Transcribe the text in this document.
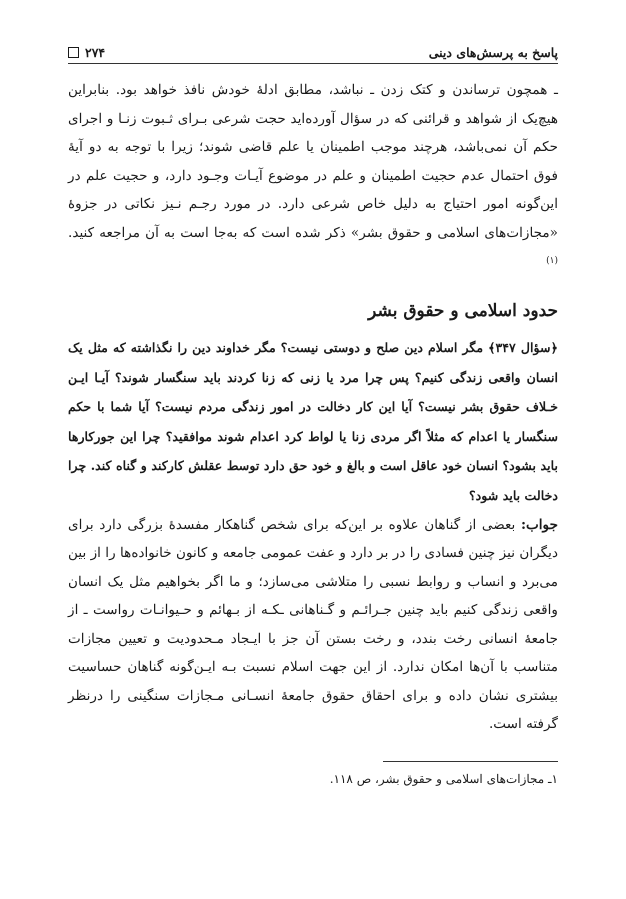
پاسخ به پرسش‌های دینی
۲۷۴

ـ همچون ترساندن و کتک زدن ـ نباشد، مطابق ادلهٔ خودش نافذ خواهد بود. بنابراین هیچ‌یک از شواهد و قرائنی که در سؤال آورده‌اید حجت شرعی بـرای ثـبوت زنـا و اجرای حکم آن نمی‌باشد، هرچند موجب اطمینان یا علم قاضی شوند؛ زیرا با توجه به دو آیهٔ فوق احتمال عدم حجیت اطمینان و علم در موضوع آیـات وجـود دارد، و حجیت علم در این‌گونه امور احتیاج به دلیل خاص شرعی دارد. در مورد رجـم نـیز نکاتی در جزوهٔ «مجازات‌های اسلامی و حقوق بشر» ذکر شده است که به‌جا است به آن مراجعه کنید.$^{(۱)}$

حدود اسلامی و حقوق بشر

﴿سؤال ۳۴۷﴾ مگر اسلام دین صلح و دوستی نیست؟ مگر خداوند دین را نگذاشته که مثل یک انسان واقعی زندگی کنیم؟ پس چرا مرد یا زنی که زنا کردند باید سنگسار شوند؟ آیـا ایـن خـلاف حقوق بشر نیست؟ آیا این کار دخالت در امور زندگی مردم نیست؟ آیا شما با حکم سنگسار یا اعدام که مثلاً اگر مردی زنا یا لواط کرد اعدام شوند موافقید؟ چرا این جورکارها باید بشود؟ انسان خود عاقل است و بالغ و خود حق دارد توسط عقلش کارکند و گناه کند. چرا دخالت باید شود؟

جواب: بعضی از گناهان علاوه بر این‌که برای شخص گناهکار مفسدهٔ بزرگی دارد برای دیگران نیز چنین فسادی را در بر دارد و عفت عمومی جامعه و کانون خانواده‌ها را از بین می‌برد و انساب و روابط نسبی را متلاشی می‌سازد؛ و ما اگر بخواهیم مثل یک انسان واقعی زندگی کنیم باید چنین جـرائـم و گـناهانی ـکـه از بـهائم و حـیوانـات رواست ـ از جامعهٔ انسانی رخت بندد، و رخت بستن آن جز با ایـجاد مـحدودیت و تعیین مجازات متناسب با آن‌ها امکان ندارد. از این جهت اسلام نسبت بـه ایـن‌گونه گناهان حساسیت بیشتری نشان داده و برای احقاق حقوق جامعهٔ انسـانی مـجازات سنگینی را درنظر گرفته است.

۱ـ مجازات‌های اسلامی و حقوق بشر، ص ۱۱۸.
